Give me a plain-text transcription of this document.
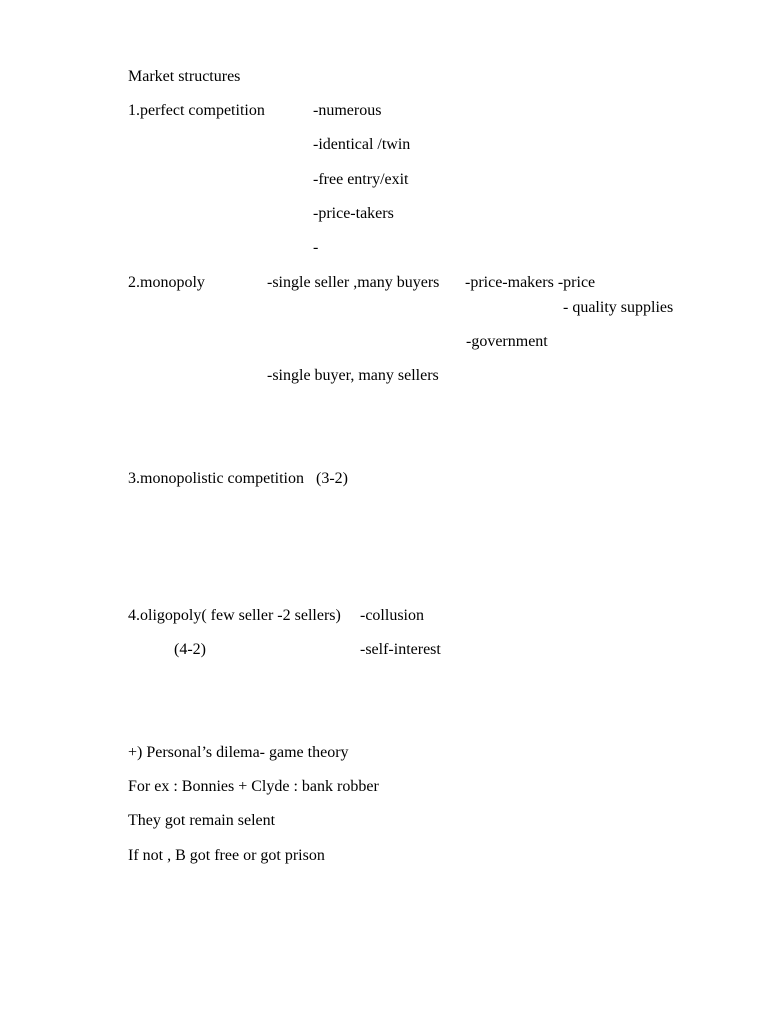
Market structures
1.perfect competition	-numerous
-identical /twin
-free entry/exit
-price-takers
-
2.monopoly	-single seller ,many buyers -price-makers -price
- quality supplies
-government
-single buyer, many sellers
3.monopolistic competition   (3-2)
4.oligopoly( few seller -2 sellers) -collusion
(4-2)	-self-interest
+) Personal’s dilema- game theory
For ex : Bonnies + Clyde : bank robber
They got remain selent
If not , B got free or got prison
